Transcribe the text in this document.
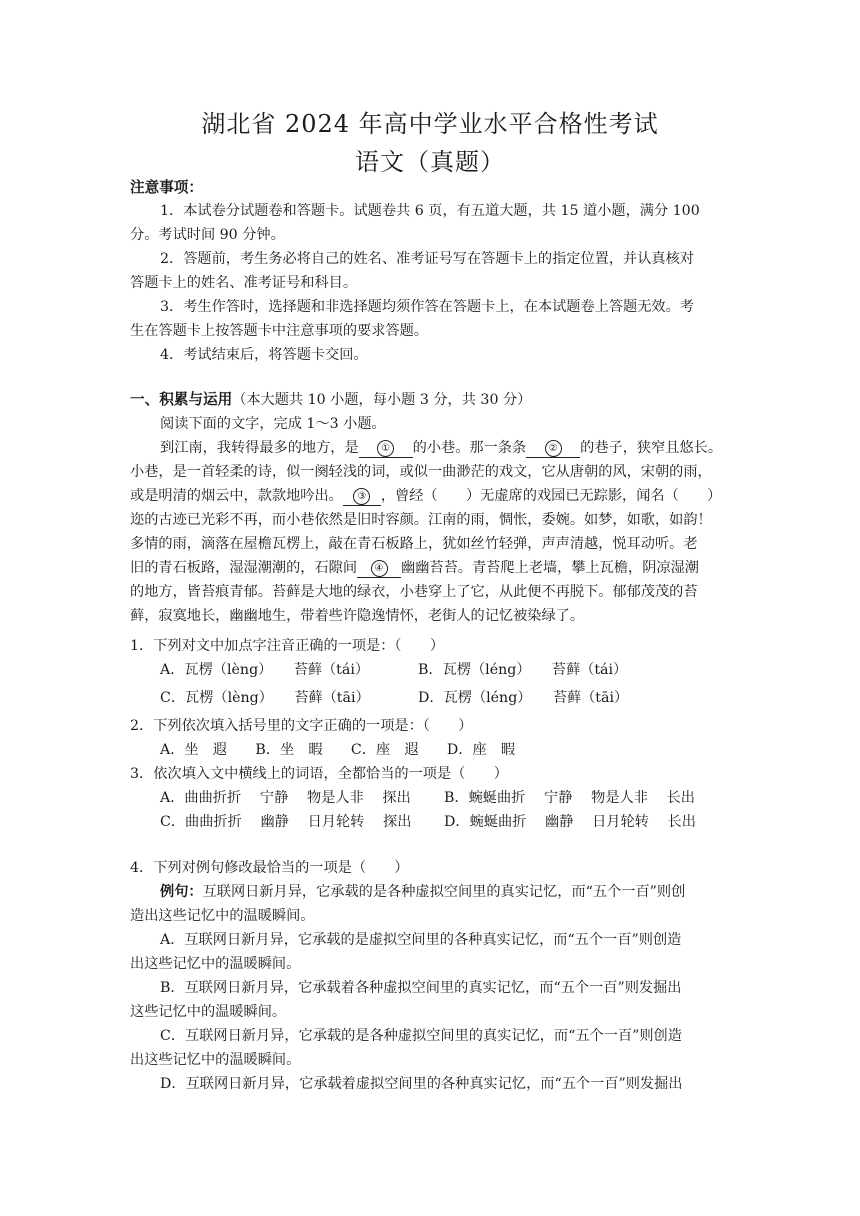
湖北省 2024 年高中学业水平合格性考试
语文（真题）
注意事项：
1．本试卷分试题卷和答题卡。试题卷共 6 页，有五道大题，共 15 道小题，满分 100
分。考试时间 90 分钟。
2．答题前，考生务必将自己的姓名、准考证号写在答题卡上的指定位置，并认真核对
答题卡上的姓名、准考证号和科目。
3．考生作答时，选择题和非选择题均须作答在答题卡上，在本试题卷上答题无效。考
生在答题卡上按答题卡中注意事项的要求答题。
4．考试结束后，将答题卡交回。
一、积累与运用（本大题共 10 小题，每小题 3 分，共 30 分）
阅读下面的文字，完成 1～3 小题。
到江南，我转得最多的地方，是 ① 的小巷。那一条条 ② 的巷子，狭窄且悠长。
小巷，是一首轻柔的诗，似一阕轻浅的词，或似一曲渺茫的戏文，它从唐朝的风，宋朝的雨，
或是明清的烟云中，款款地吟出。 ③ ，曾经（　　）无虚席的戏园已无踪影，闻名（　　）
迩的古迹已光彩不再，而小巷依然是旧时容颜。江南的雨，惆怅，委婉。如梦，如歌，如韵！
多情的雨，滴落在屋檐瓦楞上，敲在青石板路上，犹如丝竹轻弹，声声清越，悦耳动听。老
旧的青石板路，湿湿潮潮的，石隙间 ④ 幽幽苔苔。青苔爬上老墙，攀上瓦檐，阴凉湿潮
的地方，皆苔痕青郁。苔藓是大地的绿衣，小巷穿上了它，从此便不再脱下。郁郁茂茂的苔
藓，寂寞地长，幽幽地生，带着些许隐逸情怀，老街人的记忆被染绿了。
1．下列对文中加点字注音正确的一项是：（　　）
A．瓦楞（lèng）　　苔藓（tái）	B．瓦楞（léng）　　苔藓（tái）
C．瓦楞（lèng）　　苔藓（tāi）	D．瓦楞（léng）　　苔藓（tāi）
2．下列依次填入括号里的文字正确的一项是：（　　）
A．坐　遐　　B．坐　暇　　C．座　遐　　D．座　暇
3．依次填入文中横线上的词语，全都恰当的一项是（　　）
A．曲曲折折　 宁静　 物是人非　 探出 B．蜿蜒曲折　 宁静　 物是人非　 长出
C．曲曲折折　 幽静　 日月轮转　 探出 D．蜿蜒曲折　 幽静　 日月轮转　 长出
4．下列对例句修改最恰当的一项是（　　）
例句：互联网日新月异，它承载的是各种虚拟空间里的真实记忆，而“五个一百”则创
造出这些记忆中的温暖瞬间。
A．互联网日新月异，它承载的是虚拟空间里的各种真实记忆，而“五个一百”则创造
出这些记忆中的温暖瞬间。
B．互联网日新月异，它承载着各种虚拟空间里的真实记忆，而“五个一百”则发掘出
这些记忆中的温暖瞬间。
C．互联网日新月异，它承载的是各种虚拟空间里的真实记忆，而“五个一百”则创造
出这些记忆中的温暖瞬间。
D．互联网日新月异，它承载着虚拟空间里的各种真实记忆，而“五个一百”则发掘出
